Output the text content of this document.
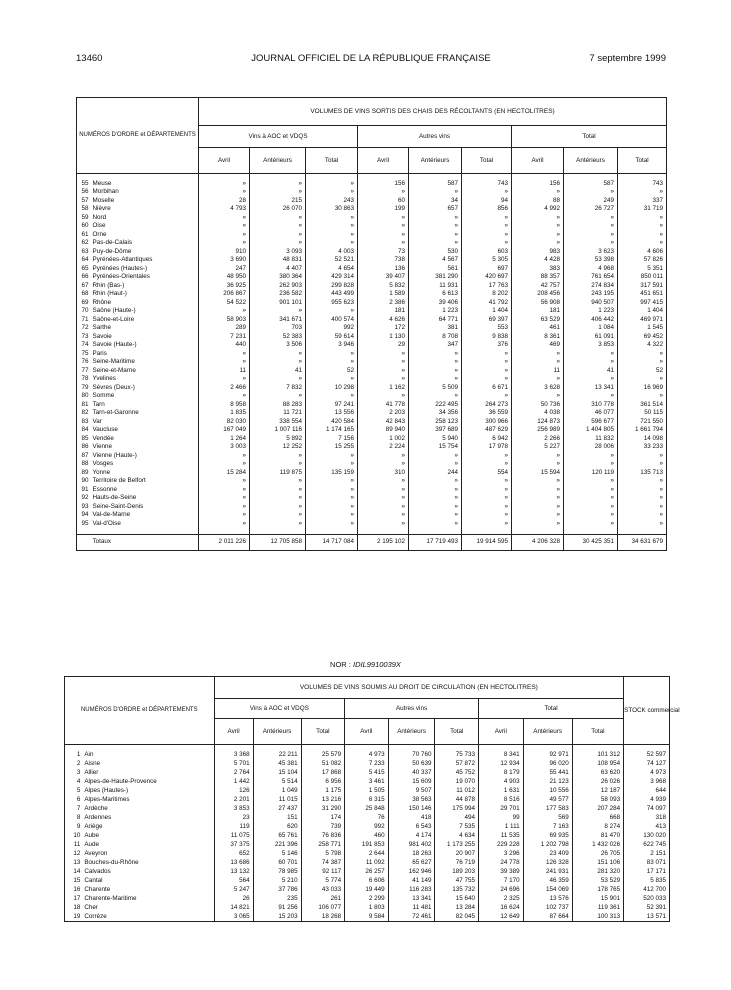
13460	JOURNAL OFFICIEL DE LA RÉPUBLIQUE FRANÇAISE	7 septembre 1999
NUMÉROS D'ORDRE et DÉPARTEMENTS		VOLUMES DE VINS SORTIS DES CHAIS DES RÉCOLTANTS (EN HECTOLITRES)								
		Vins à AOC et VDQS			Autres vins			Total		
		Avril	Antérieurs	Total	Avril	Antérieurs	Total	Avril	Antérieurs	Total

55	Meuse	»	»	»	156	587	743	156	587	743
56	Morbihan	»	»	»	»	»	»	»	»	»
57	Moselle	28	215	243	60	34	94	88	249	337
58	Nièvre	4 793	26 070	30 863	199	657	856	4 992	26 727	31 719
59	Nord	»	»	»	»	»	»	»	»	»
60	Oise	»	»	»	»	»	»	»	»	»
61	Orne	»	»	»	»	»	»	»	»	»
62	Pas-de-Calais	»	»	»	»	»	»	»	»	»
63	Puy-de-Dôme	910	3 093	4 003	73	530	603	983	3 623	4 606
64	Pyrénées-Atlantiques	3 690	48 831	52 521	738	4 567	5 305	4 428	53 398	57 826
65	Pyrénées (Hautes-)	247	4 407	4 654	136	561	697	383	4 968	5 351
66	Pyrénées-Orientales	48 950	380 364	429 314	39 407	381 290	420 697	88 357	761 654	850 011
67	Rhin (Bas-)	36 925	262 903	299 828	5 832	11 931	17 763	42 757	274 834	317 591
68	Rhin (Haut-)	206 867	236 582	443 499	1 589	6 613	8 202	208 456	243 195	451 651
69	Rhône	54 522	901 101	955 623	2 386	39 406	41 792	56 908	940 507	997 415
70	Saône (Haute-)	»	»	»	181	1 223	1 404	181	1 223	1 404
71	Saône-et-Loire	58 903	341 671	400 574	4 626	64 771	69 397	63 529	406 442	469 971
72	Sarthe	289	703	992	172	381	553	461	1 084	1 545
73	Savoie	7 231	52 383	59 614	1 130	8 708	9 838	8 361	61 091	69 452
74	Savoie (Haute-)	440	3 506	3 946	29	347	376	469	3 853	4 322
75	Paris	»	»	»	»	»	»	»	»	»
76	Seine-Maritime	»	»	»	»	»	»	»	»	»
77	Seine-et-Marne	11	41	52	»	»	»	11	41	52
78	Yvelines	»	»	»	»	»	»	»	»	»
79	Sèvres (Deux-)	2 466	7 832	10 298	1 162	5 509	6 671	3 628	13 341	16 969
80	Somme	»	»	»	»	»	»	»	»	»
81	Tarn	8 958	88 283	97 241	41 778	222 495	264 273	50 736	310 778	361 514
82	Tarn-et-Garonne	1 835	11 721	13 556	2 203	34 356	36 559	4 038	46 077	50 115
83	Var	82 030	338 554	420 584	42 843	258 123	300 966	124 873	596 677	721 550
84	Vaucluse	167 049	1 007 116	1 174 165	89 940	397 689	487 629	256 989	1 404 805	1 661 794
85	Vendée	1 264	5 892	7 156	1 002	5 940	6 942	2 266	11 832	14 098
86	Vienne	3 003	12 252	15 255	2 224	15 754	17 978	5 227	28 006	33 233
87	Vienne (Haute-)	»	»	»	»	»	»	»	»	»
88	Vosges	»	»	»	»	»	»	»	»	»
89	Yonne	15 284	119 875	135 159	310	244	554	15 594	120 119	135 713
90	Territoire de Belfort	»	»	»	»	»	»	»	»	»
91	Essonne	»	»	»	»	»	»	»	»	»
92	Hauts-de-Seine	»	»	»	»	»	»	»	»	»
93	Seine-Saint-Denis	»	»	»	»	»	»	»	»	»
94	Val-de-Marne	»	»	»	»	»	»	»	»	»
95	Val-d'Oise	»	»	»	»	»	»	»	»	»

	Totaux	2 011 226	12 705 858	14 717 084	2 195 102	17 719 493	19 914 595	4 206 328	30 425 351	34 631 679
NOR : IDIL9910039X
NUMÉROS D'ORDRE et DÉPARTEMENTS		VOLUMES DE VINS SOUMIS AU DROIT DE CIRCULATION (EN HECTOLITRES)									STOCK commercial
		Vins à AOC et VDQS			Autres vins			Total			
		Avril	Antérieurs	Total	Avril	Antérieurs	Total	Avril	Antérieurs	Total	

1	Ain	3 368	22 211	25 579	4 973	70 760	75 733	8 341	92 971	101 312	52 597
2	Aisne	5 701	45 381	51 082	7 233	50 639	57 872	12 934	96 020	108 954	74 127
3	Allier	2 764	15 104	17 868	5 415	40 337	45 752	8 179	55 441	63 620	4 973
4	Alpes-de-Haute-Provence	1 442	5 514	6 956	3 461	15 609	19 070	4 903	21 123	26 026	3 968
5	Alpes (Hautes-)	126	1 049	1 175	1 505	9 507	11 012	1 631	10 556	12 187	644
6	Alpes-Maritimes	2 201	11 015	13 216	6 315	38 563	44 878	8 516	49 577	58 093	4 939
7	Ardèche	3 853	27 437	31 290	25 848	150 146	175 994	29 701	177 583	207 284	74 097
8	Ardennes	23	151	174	76	418	494	99	569	668	318
9	Ariège	119	620	739	992	6 543	7 535	1 111	7 163	8 274	413
10	Aube	11 075	65 761	76 836	460	4 174	4 634	11 535	69 935	81 470	130 020
11	Aude	37 375	221 396	258 771	191 853	981 402	1 173 255	229 228	1 202 798	1 432 026	622 745
12	Aveyron	652	5 146	5 798	2 644	18 263	20 907	3 296	23 409	26 705	2 151
13	Bouches-du-Rhône	13 686	60 701	74 387	11 092	65 627	76 719	24 778	126 328	151 106	83 071
14	Calvados	13 132	78 985	92 117	26 257	162 946	189 203	39 389	241 931	281 320	17 171
15	Cantal	564	5 210	5 774	6 606	41 149	47 755	7 170	46 359	53 529	5 835
16	Charente	5 247	37 786	43 033	19 449	116 283	135 732	24 696	154 069	178 765	412 700
17	Charente-Maritime	26	235	261	2 299	13 341	15 640	2 325	13 576	15 901	520 033
18	Cher	14 821	91 256	106 077	1 803	11 481	13 284	16 624	102 737	119 361	52 391
19	Corrèze	3 065	15 203	18 268	9 584	72 461	82 045	12 649	87 664	100 313	13 571
